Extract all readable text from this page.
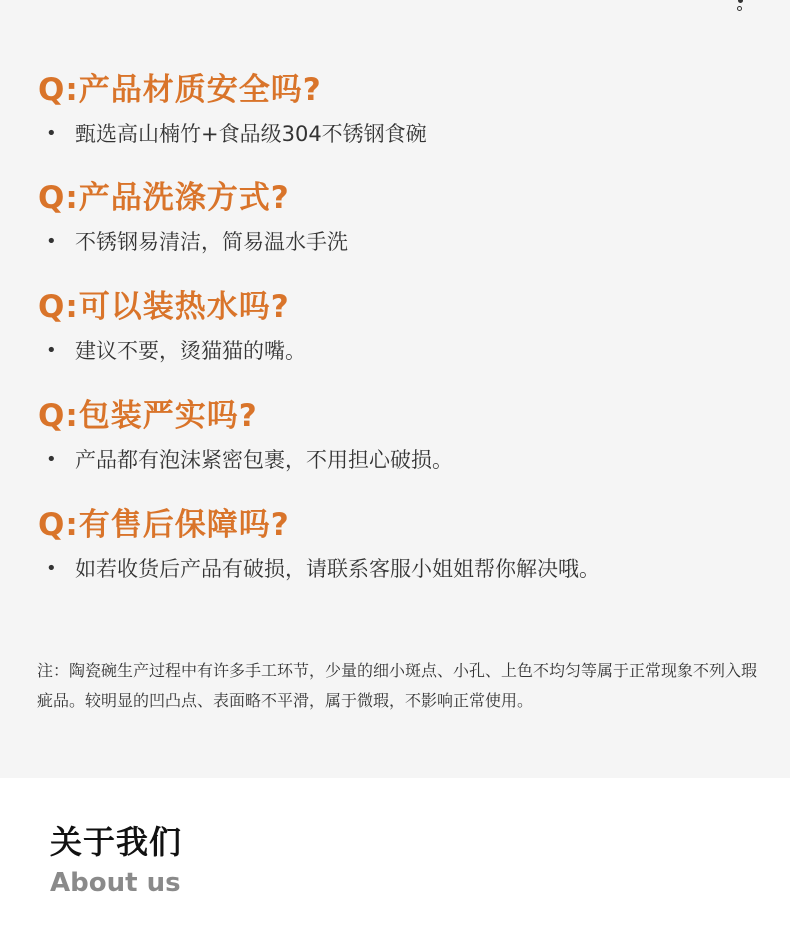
Q:产品材质安全吗?
• 甄选高山楠竹+食品级304不锈钢食碗
Q:产品洗涤方式?
• 不锈钢易清洁，简易温水手洗
Q:可以装热水吗?
• 建议不要，烫猫猫的嘴。
Q:包装严实吗?
• 产品都有泡沫紧密包裹，不用担心破损。
Q:有售后保障吗?
• 如若收货后产品有破损，请联系客服小姐姐帮你解决哦。
注：陶瓷碗生产过程中有许多手工环节，少量的细小斑点、小孔、上色不均匀等属于正常现象不列入瑕疵品。较明显的凹凸点、表面略不平滑，属于微瑕，不影响正常使用。
关于我们
About us
